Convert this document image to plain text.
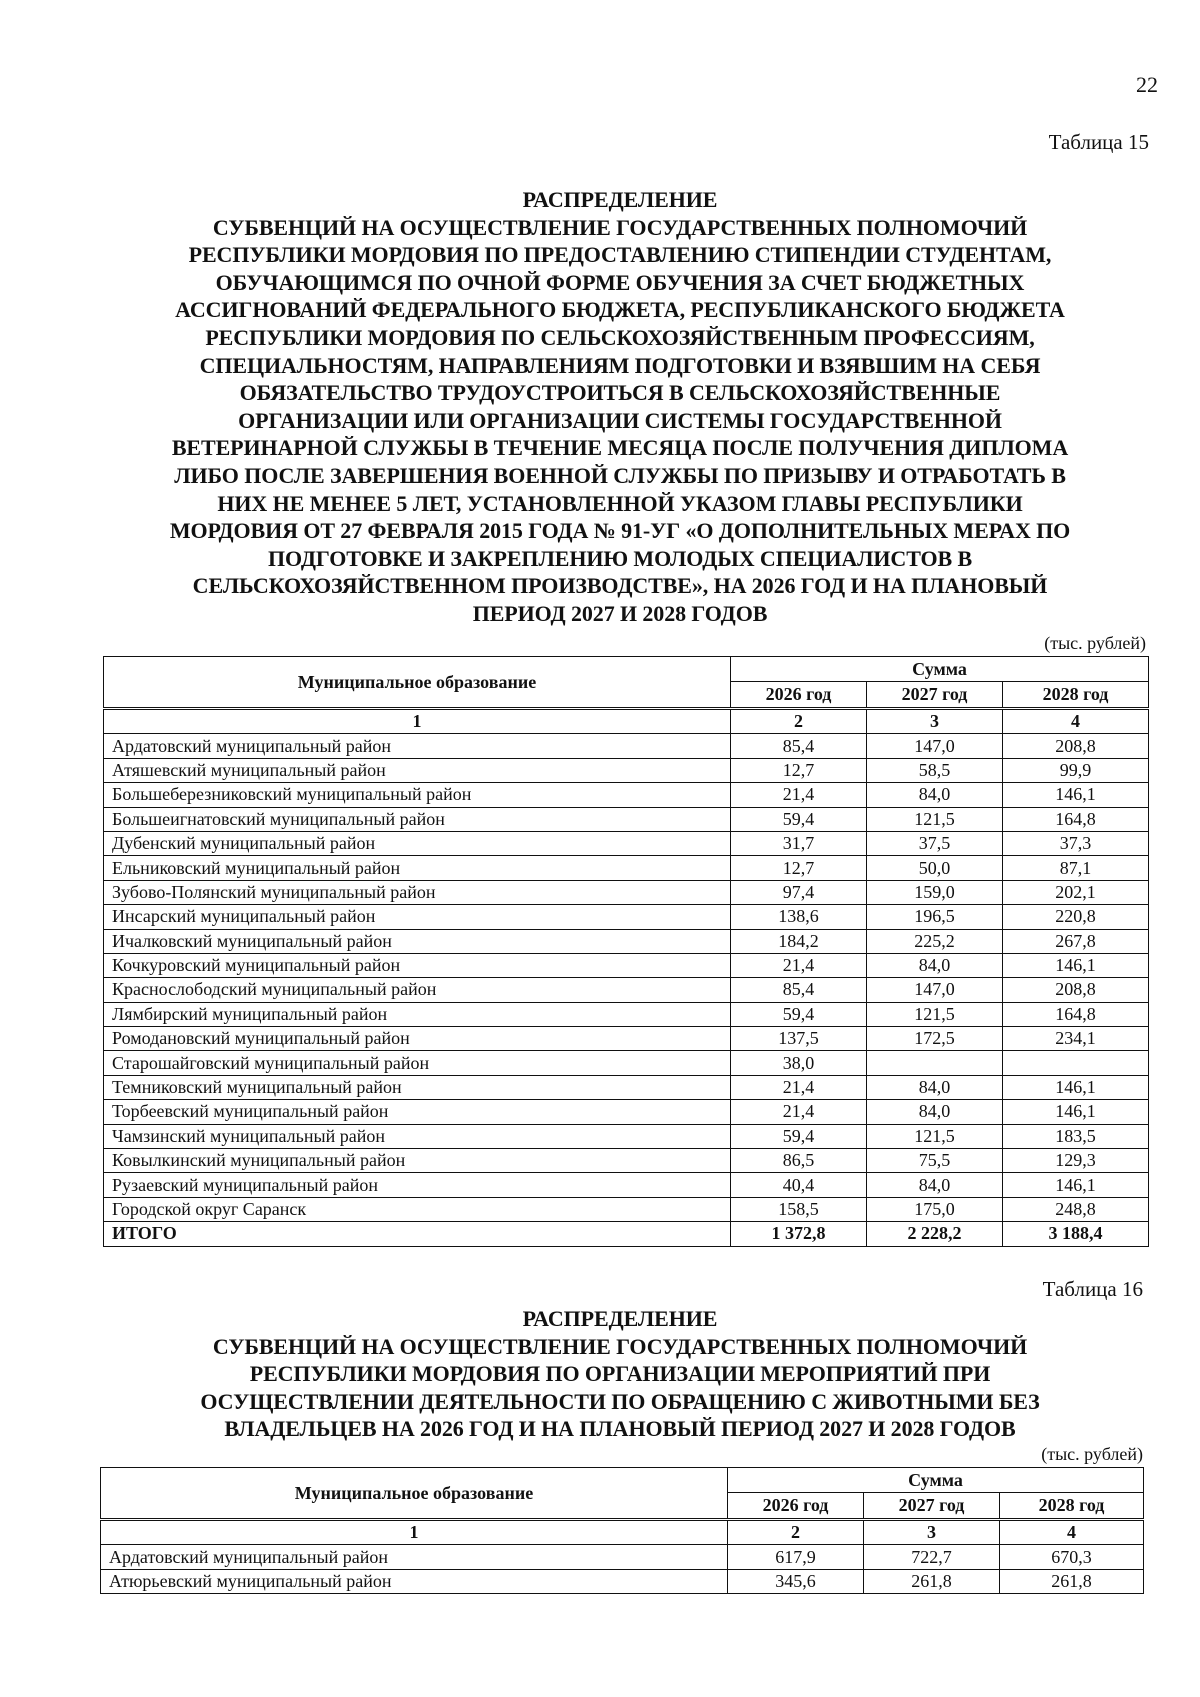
22
Таблица 15
РАСПРЕДЕЛЕНИЕ
СУБВЕНЦИЙ НА ОСУЩЕСТВЛЕНИЕ ГОСУДАРСТВЕННЫХ ПОЛНОМОЧИЙ
РЕСПУБЛИКИ МОРДОВИЯ ПО ПРЕДОСТАВЛЕНИЮ СТИПЕНДИИ СТУДЕНТАМ,
ОБУЧАЮЩИМСЯ ПО ОЧНОЙ ФОРМЕ ОБУЧЕНИЯ ЗА СЧЕТ БЮДЖЕТНЫХ
АССИГНОВАНИЙ ФЕДЕРАЛЬНОГО БЮДЖЕТА, РЕСПУБЛИКАНСКОГО БЮДЖЕТА
РЕСПУБЛИКИ МОРДОВИЯ ПО СЕЛЬСКОХОЗЯЙСТВЕННЫМ ПРОФЕССИЯМ,
СПЕЦИАЛЬНОСТЯМ, НАПРАВЛЕНИЯМ ПОДГОТОВКИ И ВЗЯВШИМ НА СЕБЯ
ОБЯЗАТЕЛЬСТВО ТРУДОУСТРОИТЬСЯ В СЕЛЬСКОХОЗЯЙСТВЕННЫЕ
ОРГАНИЗАЦИИ ИЛИ ОРГАНИЗАЦИИ СИСТЕМЫ ГОСУДАРСТВЕННОЙ
ВЕТЕРИНАРНОЙ СЛУЖБЫ В ТЕЧЕНИЕ МЕСЯЦА ПОСЛЕ ПОЛУЧЕНИЯ ДИПЛОМА
ЛИБО ПОСЛЕ ЗАВЕРШЕНИЯ ВОЕННОЙ СЛУЖБЫ ПО ПРИЗЫВУ И ОТРАБОТАТЬ В
НИХ НЕ МЕНЕЕ 5 ЛЕТ, УСТАНОВЛЕННОЙ УКАЗОМ ГЛАВЫ РЕСПУБЛИКИ
МОРДОВИЯ ОТ 27 ФЕВРАЛЯ 2015 ГОДА № 91-УГ «О ДОПОЛНИТЕЛЬНЫХ МЕРАХ ПО
ПОДГОТОВКЕ И ЗАКРЕПЛЕНИЮ МОЛОДЫХ СПЕЦИАЛИСТОВ В
СЕЛЬСКОХОЗЯЙСТВЕННОМ ПРОИЗВОДСТВЕ», НА 2026 ГОД И НА ПЛАНОВЫЙ
ПЕРИОД 2027 И 2028 ГОДОВ
(тыс. рублей)
Муниципальное образование	Сумма		
	2026 год	2027 год	2028 год
1	2	3	4
Ардатовский муниципальный район	85,4	147,0	208,8
Атяшевский муниципальный район	12,7	58,5	99,9
Большеберезниковский муниципальный район	21,4	84,0	146,1
Большеигнатовский муниципальный район	59,4	121,5	164,8
Дубенский муниципальный район	31,7	37,5	37,3
Ельниковский муниципальный район	12,7	50,0	87,1
Зубово-Полянский муниципальный район	97,4	159,0	202,1
Инсарский муниципальный район	138,6	196,5	220,8
Ичалковский муниципальный район	184,2	225,2	267,8
Кочкуровский муниципальный район	21,4	84,0	146,1
Краснослободский муниципальный район	85,4	147,0	208,8
Лямбирский муниципальный район	59,4	121,5	164,8
Ромодановский муниципальный район	137,5	172,5	234,1
Старошайговский муниципальный район	38,0		
Темниковский муниципальный район	21,4	84,0	146,1
Торбеевский муниципальный район	21,4	84,0	146,1
Чамзинский муниципальный район	59,4	121,5	183,5
Ковылкинский муниципальный район	86,5	75,5	129,3
Рузаевский муниципальный район	40,4	84,0	146,1
Городской округ Саранск	158,5	175,0	248,8
ИТОГО	1 372,8	2 228,2	3 188,4
Таблица 16
РАСПРЕДЕЛЕНИЕ
СУБВЕНЦИЙ НА ОСУЩЕСТВЛЕНИЕ ГОСУДАРСТВЕННЫХ ПОЛНОМОЧИЙ
РЕСПУБЛИКИ МОРДОВИЯ ПО ОРГАНИЗАЦИИ МЕРОПРИЯТИЙ ПРИ
ОСУЩЕСТВЛЕНИИ ДЕЯТЕЛЬНОСТИ ПО ОБРАЩЕНИЮ С ЖИВОТНЫМИ БЕЗ
ВЛАДЕЛЬЦЕВ НА 2026 ГОД И НА ПЛАНОВЫЙ ПЕРИОД 2027 И 2028 ГОДОВ
(тыс. рублей)
Муниципальное образование	Сумма		
	2026 год	2027 год	2028 год
1	2	3	4
Ардатовский муниципальный район	617,9	722,7	670,3
Атюрьевский муниципальный район	345,6	261,8	261,8
